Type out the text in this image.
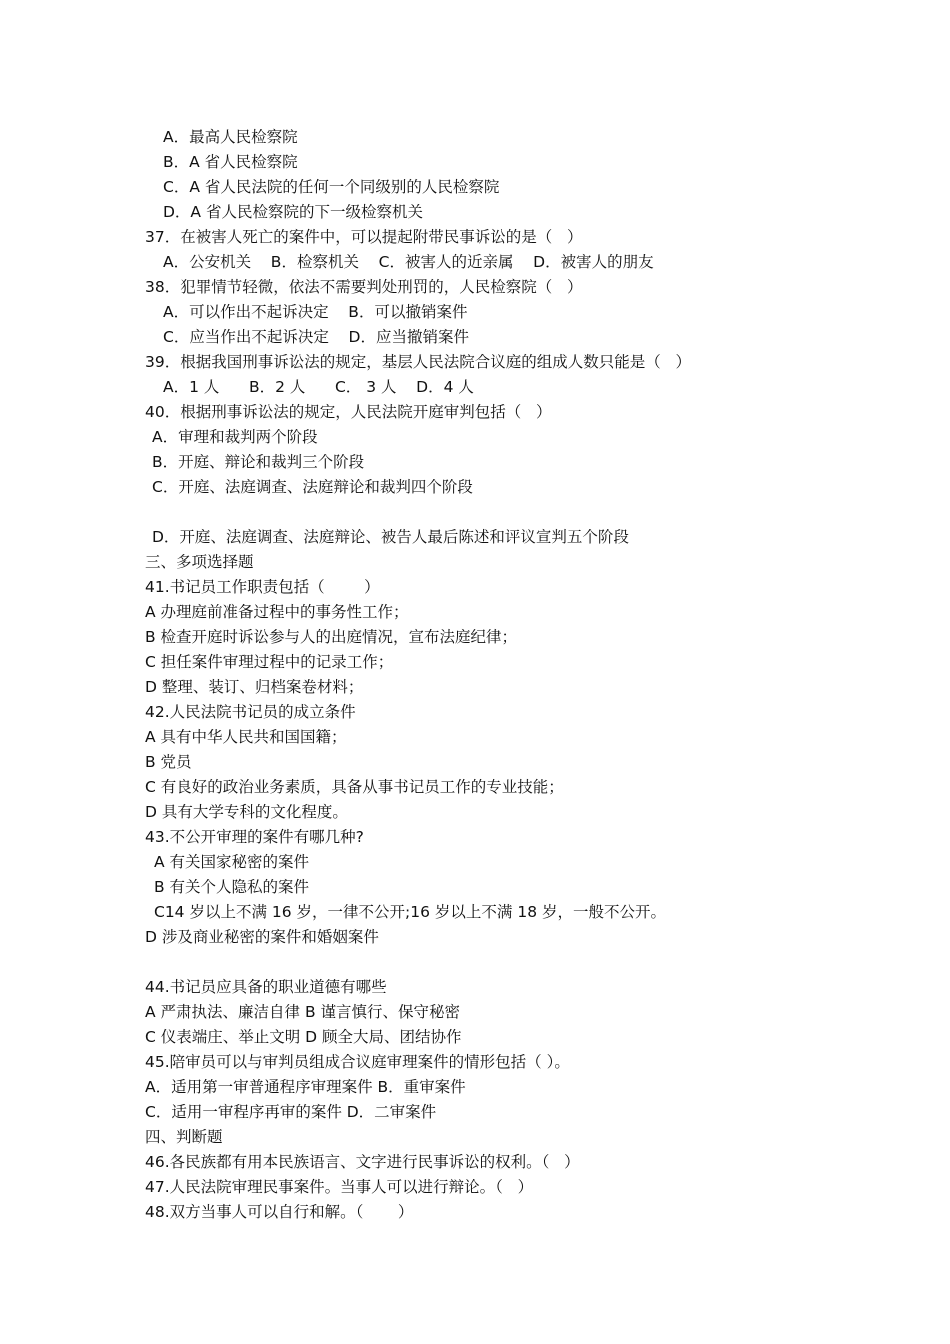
A．最高人民检察院
B．A 省人民检察院
C．A 省人民法院的任何一个同级别的人民检察院
D．A 省人民检察院的下一级检察机关
37．在被害人死亡的案件中，可以提起附带民事诉讼的是（   ）
A．公安机关    B．检察机关    C．被害人的近亲属    D．被害人的朋友
38．犯罪情节轻微，依法不需要判处刑罚的，人民检察院（   ）
A．可以作出不起诉决定    B．可以撤销案件
C．应当作出不起诉决定    D．应当撤销案件
39．根据我国刑事诉讼法的规定，基层人民法院合议庭的组成人数只能是（   ）
A．1 人      B．2 人      C． 3 人    D．4 人
40．根据刑事诉讼法的规定，人民法院开庭审判包括（   ）
A．审理和裁判两个阶段
B．开庭、辩论和裁判三个阶段
C．开庭、法庭调查、法庭辩论和裁判四个阶段
D．开庭、法庭调查、法庭辩论、被告人最后陈述和评议宣判五个阶段
三、多项选择题
41.书记员工作职责包括（        ）
A 办理庭前准备过程中的事务性工作；
B 检查开庭时诉讼参与人的出庭情况，宣布法庭纪律；
C 担任案件审理过程中的记录工作；
D 整理、装订、归档案卷材料；
42.人民法院书记员的成立条件
A 具有中华人民共和国国籍；
B 党员
C 有良好的政治业务素质，具备从事书记员工作的专业技能；
D 具有大学专科的文化程度。
43.不公开审理的案件有哪几种?
A 有关国家秘密的案件
B 有关个人隐私的案件
C14 岁以上不满 16 岁，一律不公开;16 岁以上不满 18 岁，一般不公开。
D 涉及商业秘密的案件和婚姻案件
44.书记员应具备的职业道德有哪些
A 严肃执法、廉洁自律 B 谨言慎行、保守秘密
C 仪表端庄、举止文明 D 顾全大局、团结协作
45.陪审员可以与审判员组成合议庭审理案件的情形包括（ ）。
A．适用第一审普通程序审理案件 B．重审案件
C．适用一审程序再审的案件 D．二审案件
四、判断题
46.各民族都有用本民族语言、文字进行民事诉讼的权利。（   ）
47.人民法院审理民事案件。当事人可以进行辩论。（   ）
48.双方当事人可以自行和解。（       ）
